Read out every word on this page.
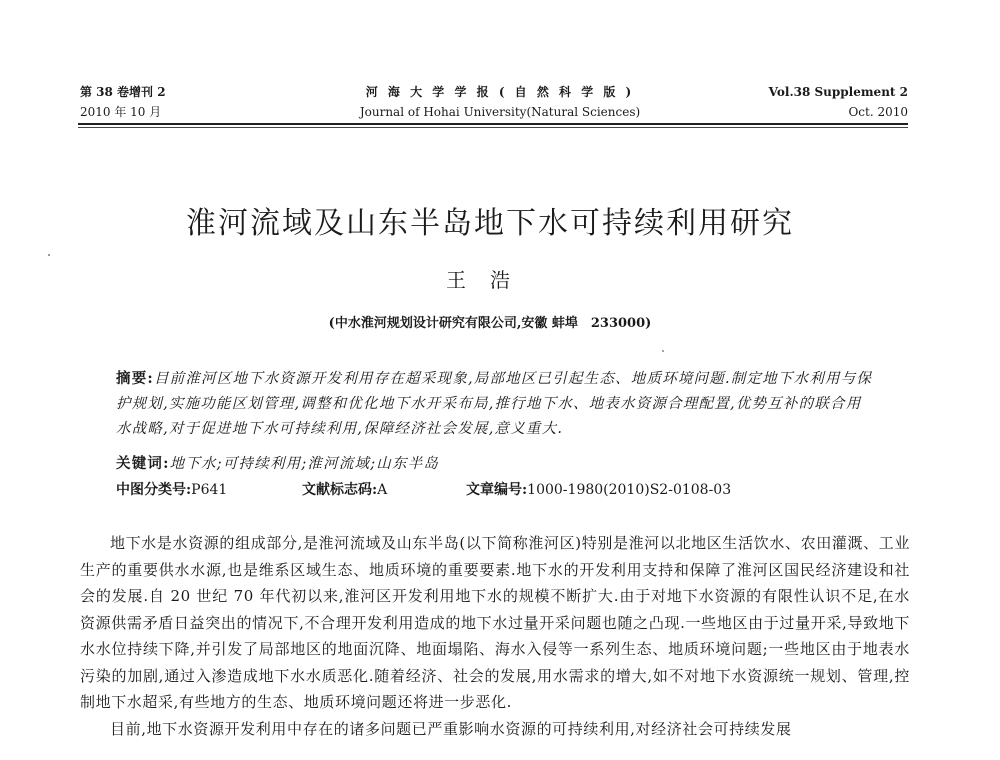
第 38 卷增刊 2
2010 年 10 月
河 海 大 学 学 报 ( 自 然 科 学 版 )
Journal of Hohai University(Natural Sciences)
Vol.38 Supplement 2
Oct. 2010
淮河流域及山东半岛地下水可持续利用研究
王浩
(中水淮河规划设计研究有限公司,安徽 蚌埠　233000)
摘要:目前淮河区地下水资源开发利用存在超采现象,局部地区已引起生态、地质环境问题.制定地下水利用与保护规划,实施功能区划管理,调整和优化地下水开采布局,推行地下水、地表水资源合理配置,优势互补的联合用水战略,对于促进地下水可持续利用,保障经济社会发展,意义重大.
关键词:地下水;可持续利用;淮河流域;山东半岛
中图分类号:P641	文献标志码:A	文章编号:1000-1980(2010)S2-0108-03

地下水是水资源的组成部分,是淮河流域及山东半岛(以下简称淮河区)特别是淮河以北地区生活饮水、农田灌溉、工业生产的重要供水水源,也是维系区域生态、地质环境的重要要素.地下水的开发利用支持和保障了淮河区国民经济建设和社会的发展.自 20 世纪 70 年代初以来,淮河区开发利用地下水的规模不断扩大.由于对地下水资源的有限性认识不足,在水资源供需矛盾日益突出的情况下,不合理开发利用造成的地下水过量开采问题也随之凸现.一些地区由于过量开采,导致地下水水位持续下降,并引发了局部地区的地面沉降、地面塌陷、海水入侵等一系列生态、地质环境问题;一些地区由于地表水污染的加剧,通过入渗造成地下水水质恶化.随着经济、社会的发展,用水需求的增大,如不对地下水资源统一规划、管理,控制地下水超采,有些地方的生态、地质环境问题还将进一步恶化.

目前,地下水资源开发利用中存在的诸多问题已严重影响水资源的可持续利用,对经济社会可持续发展
